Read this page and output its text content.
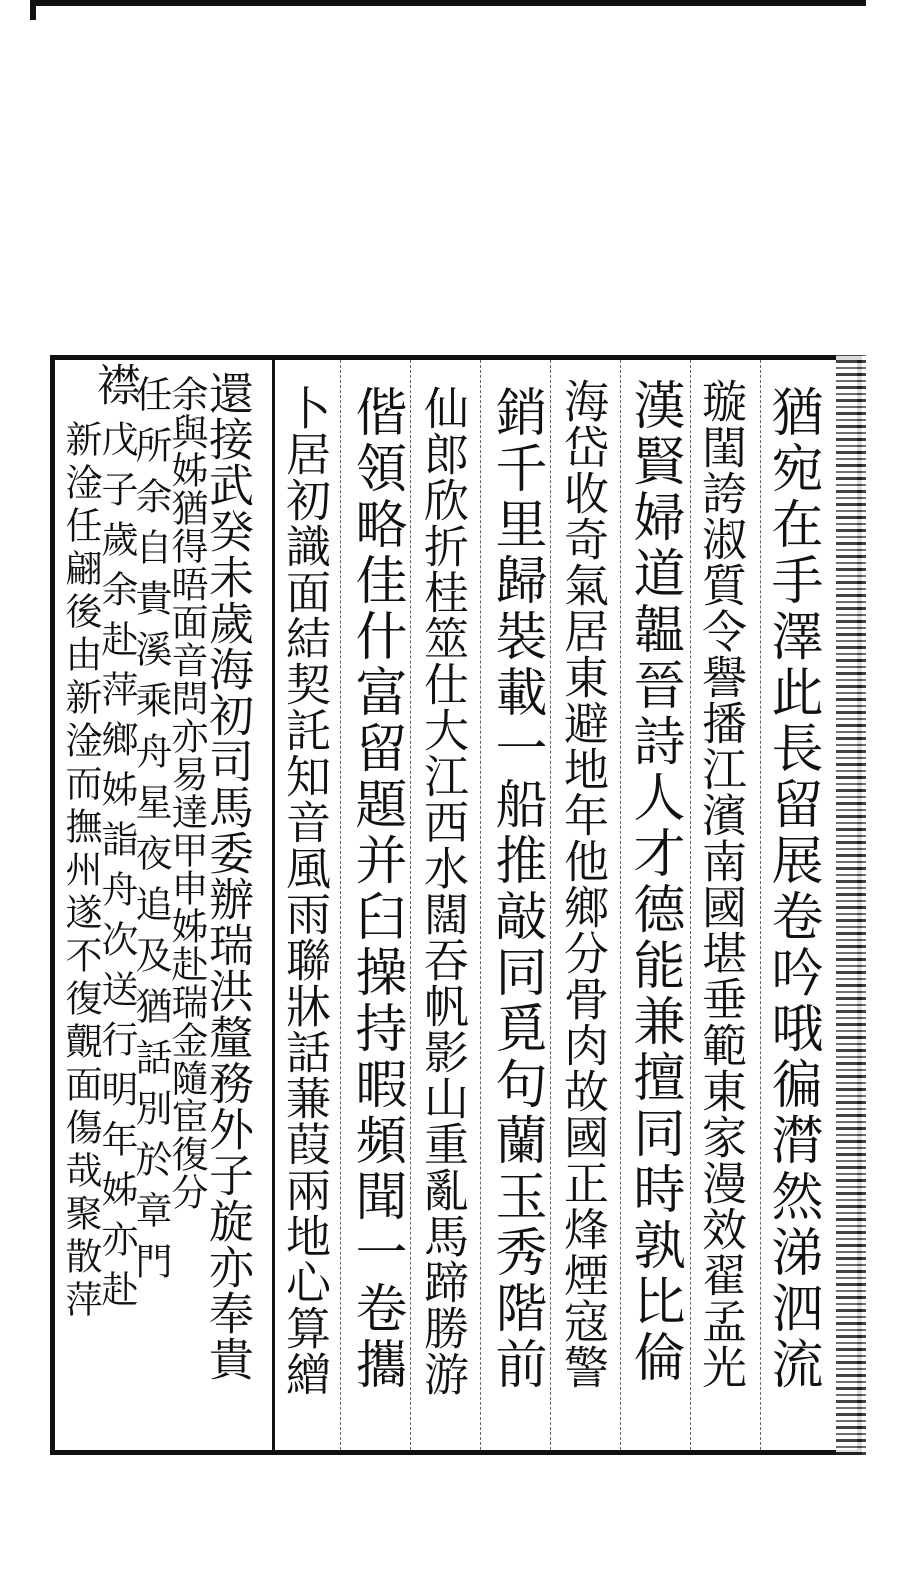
猶宛在手澤此長留展卷吟哦徧潸然涕泗流
璇閨誇淑質令譽播江濱南國堪垂範東家漫效翟孟光
漢賢婦道韞晉詩人才德能兼擅同時孰比倫
海岱收奇氣居東避地年他鄉分骨肉故國正烽煙寇警
銷千里歸裝載一船推敲同覓句蘭玉秀階前
仙郎欣折桂筮仕大江西水闊吞帆影山重亂馬蹄勝游
偕領略佳什富留題并臼操持暇頻聞一卷攜
卜居初識面結契託知音風雨聯牀話蒹葭兩地心算繒
還接武癸未歲海初司馬委辦瑞洪釐務外子旋亦奉貴
余與姊猶得晤面音問亦易達甲申姊赴瑞金隨宦復分
任所余自貴溪乘舟星夜追及猶話別於章門
戊子歲余赴萍鄉姊詣舟次送行明年姊亦赴
新淦任翩後由新淦而撫州遂不復覿面傷哉聚散萍
襟
